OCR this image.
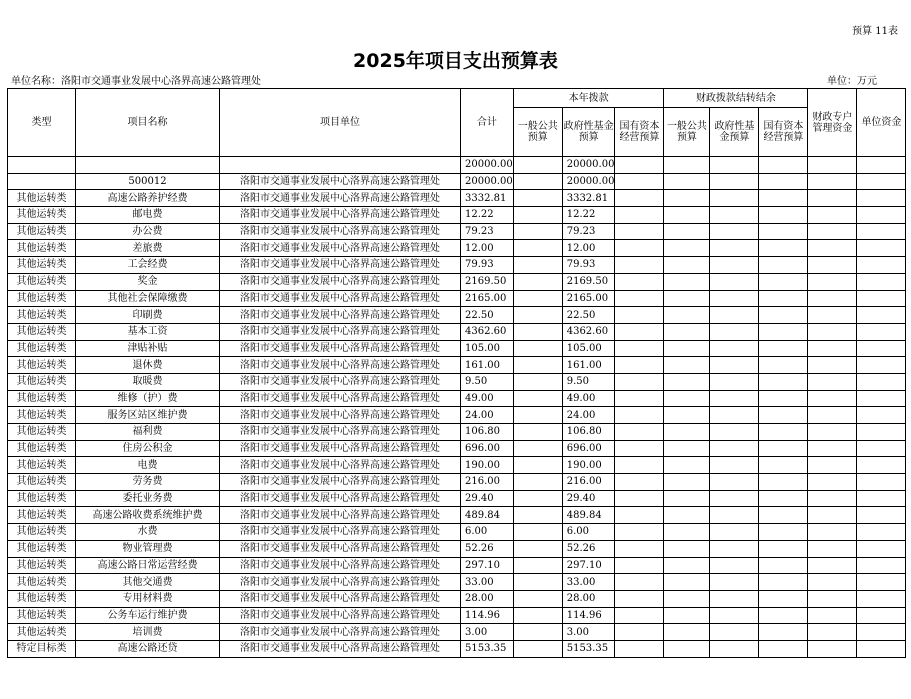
预算 11表
2025年项目支出预算表
单位名称：洛阳市交通事业发展中心洛界高速公路管理处	单位：万元
类型	项目名称	项目单位	合计	本年拨款			财政拨款结转结余			财政专户管理资金	单位资金
				一般公共预算	政府性基金预算	国有资本经营预算	一般公共预算	政府性基金预算	国有资本经营预算		
			20000.00		20000.00						
	500012	洛阳市交通事业发展中心洛界高速公路管理处	20000.00		20000.00						
其他运转类	高速公路养护经费	洛阳市交通事业发展中心洛界高速公路管理处	3332.81		3332.81						
其他运转类	邮电费	洛阳市交通事业发展中心洛界高速公路管理处	12.22		12.22						
其他运转类	办公费	洛阳市交通事业发展中心洛界高速公路管理处	79.23		79.23						
其他运转类	差旅费	洛阳市交通事业发展中心洛界高速公路管理处	12.00		12.00						
其他运转类	工会经费	洛阳市交通事业发展中心洛界高速公路管理处	79.93		79.93						
其他运转类	奖金	洛阳市交通事业发展中心洛界高速公路管理处	2169.50		2169.50						
其他运转类	其他社会保障缴费	洛阳市交通事业发展中心洛界高速公路管理处	2165.00		2165.00						
其他运转类	印刷费	洛阳市交通事业发展中心洛界高速公路管理处	22.50		22.50						
其他运转类	基本工资	洛阳市交通事业发展中心洛界高速公路管理处	4362.60		4362.60						
其他运转类	津贴补贴	洛阳市交通事业发展中心洛界高速公路管理处	105.00		105.00						
其他运转类	退休费	洛阳市交通事业发展中心洛界高速公路管理处	161.00		161.00						
其他运转类	取暖费	洛阳市交通事业发展中心洛界高速公路管理处	9.50		9.50						
其他运转类	维修（护）费	洛阳市交通事业发展中心洛界高速公路管理处	49.00		49.00						
其他运转类	服务区站区维护费	洛阳市交通事业发展中心洛界高速公路管理处	24.00		24.00						
其他运转类	福利费	洛阳市交通事业发展中心洛界高速公路管理处	106.80		106.80						
其他运转类	住房公积金	洛阳市交通事业发展中心洛界高速公路管理处	696.00		696.00						
其他运转类	电费	洛阳市交通事业发展中心洛界高速公路管理处	190.00		190.00						
其他运转类	劳务费	洛阳市交通事业发展中心洛界高速公路管理处	216.00		216.00						
其他运转类	委托业务费	洛阳市交通事业发展中心洛界高速公路管理处	29.40		29.40						
其他运转类	高速公路收费系统维护费	洛阳市交通事业发展中心洛界高速公路管理处	489.84		489.84						
其他运转类	水费	洛阳市交通事业发展中心洛界高速公路管理处	6.00		6.00						
其他运转类	物业管理费	洛阳市交通事业发展中心洛界高速公路管理处	52.26		52.26						
其他运转类	高速公路日常运营经费	洛阳市交通事业发展中心洛界高速公路管理处	297.10		297.10						
其他运转类	其他交通费	洛阳市交通事业发展中心洛界高速公路管理处	33.00		33.00						
其他运转类	专用材料费	洛阳市交通事业发展中心洛界高速公路管理处	28.00		28.00						
其他运转类	公务车运行维护费	洛阳市交通事业发展中心洛界高速公路管理处	114.96		114.96						
其他运转类	培训费	洛阳市交通事业发展中心洛界高速公路管理处	3.00		3.00						
特定目标类	高速公路还贷	洛阳市交通事业发展中心洛界高速公路管理处	5153.35		5153.35						
